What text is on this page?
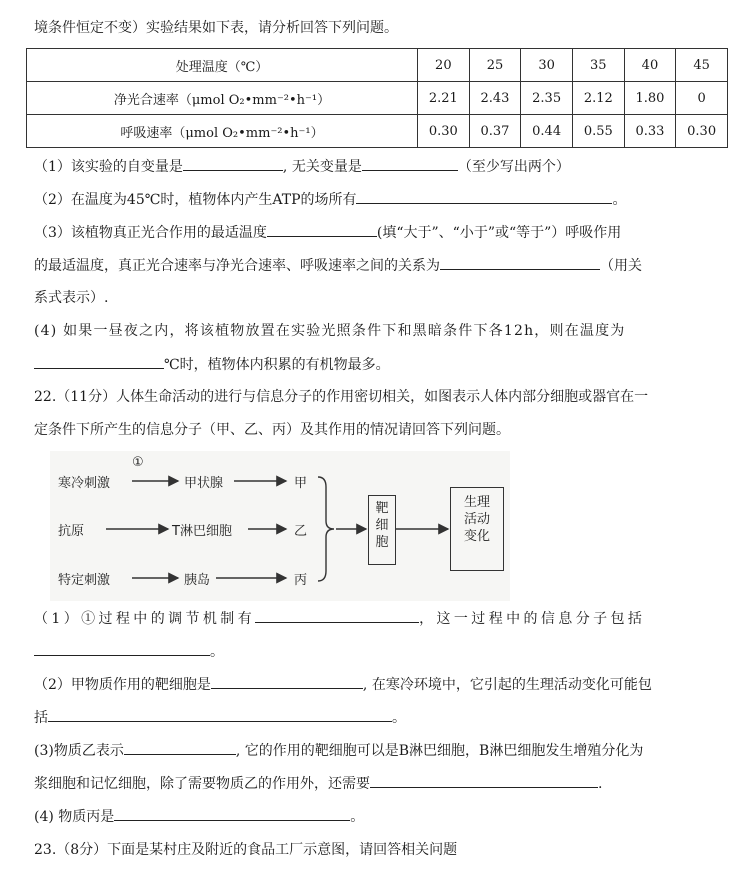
境条件恒定不变）实验结果如下表，请分析回答下列问题。
处理温度（℃）	20	25	30	35	40	45
净光合速率（μmol O₂•mm⁻²•h⁻¹）	2.21	2.43	2.35	2.12	1.80	0
呼吸速率（μmol O₂•mm⁻²•h⁻¹）	0.30	0.37	0.44	0.55	0.33	0.30
（1）该实验的自变量是	, 无关变量是	（至少写出两个）
（2）在温度为45℃时，植物体内产生ATP的场所有	。
（3）该植物真正光合作用的最适温度	(填“大于”、“小于”或“等于”）呼吸作用
的最适温度，真正光合速率与净光合速率、呼吸速率之间的关系为	（用关
系式表示）.
(4) 如果一昼夜之内，将该植物放置在实验光照条件下和黑暗条件下各12h，则在温度为
℃时，植物体内积累的有机物最多。
22.（11分）人体生命活动的进行与信息分子的作用密切相关，如图表示人体内部分细胞或器官在一
定条件下所产生的信息分子（甲、乙、丙）及其作用的情况请回答下列问题。
①
寒冷刺激	甲状腺	甲
抗原	T淋巴细胞	乙
特定刺激	胰岛	丙
靶
细
胞
生理
活动
变化
（1）①过程中的调节机制有	，这一过程中的信息分子包括
。
（2）甲物质作用的靶细胞是	, 在寒冷环境中，它引起的生理活动变化可能包
括	。
(3)物质乙表示	, 它的作用的靶细胞可以是B淋巴细胞，B淋巴细胞发生增殖分化为
浆细胞和记忆细胞，除了需要物质乙的作用外，还需要	.
(4) 物质丙是	。
23.（8分）下面是某村庄及附近的食品工厂示意图，请回答相关问题
